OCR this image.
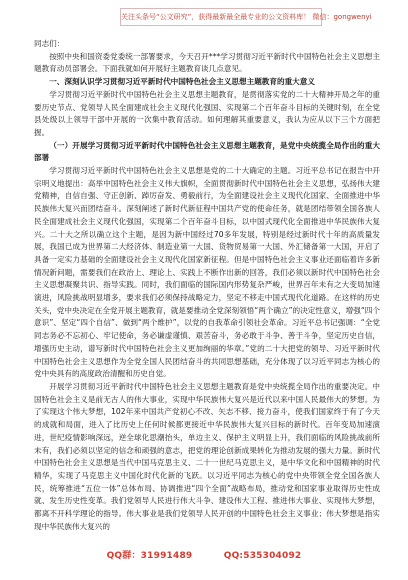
关注头条号“公文研究”，获得最新最全最专业的公文资料库！ 微信：gongwenyi

同志们：

按照中央和国资委党委统一部署要求，今天召开***学习贯彻习近平新时代中国特色社会主义思想主题教育动员部署会。下面我就如何开展好主题教育谈几点意见。

一、深刻认识学习贯彻习近平新时代中国特色社会主义思想主题教育的重大意义

学习贯彻习近平新时代中国特色社会主义思想主题教育，是贯彻落实党的二十大精神开局之年的重要历史节点、党领导人民全面建成社会主义现代化强国、实现第二个百年奋斗目标的关键时刻，在全党县处级以上领导干部中开展的一次集中教育活动。如何理解其重要意义，我认为应从以下三个方面把握。

（一）开展学习贯彻习近平新时代中国特色社会主义思想主题教育，是党中央统揽全局作出的重大部署

学习贯彻习近平新时代中国特色社会主义思想是党的二十大确定的主题。习近平总书记在报告中开宗明义地提出：高举中国特色社会主义伟大旗帜，全面贯彻新时代中国特色社会主义思想，弘扬伟大建党精神，自信自强、守正创新、踔厉奋发、勇毅前行，为全面建设社会主义现代化国家、全面推进中华民族伟大复兴而团结奋斗。深刻阐述了新时代新征程中国共产党的使命任务，就是团结带领全国各族人民全面建成社会主义现代化强国，实现第二个百年奋斗目标，以中国式现代化全面推进中华民族伟大复兴。二十大之所以确立这个主题，是因为新中国经过70多年发展，特别是经过新时代十年的高质量发展，我国已成为世界第二大经济体、制造业第一大国、货物贸易第一大国、外汇储备第一大国，开启了具备一定实力基础的全面建设社会主义现代化国家新征程。但是中国特色社会主义事业还面临着许多新情况新问题，需要我们在政治上、理论上、实践上不断作出新的回答，我们必须以新时代中国特色社会主义思想凝聚共识、指导实践。同时，我们面临的国际国内形势复杂严峻，世界百年未有之大变局加速演进，风险挑战明显增多，要求我们必须保持战略定力，坚定不移走中国式现代化道路。在这样的历史关头，党中央决定在全党开展主题教育，就是要推动全党深刻领悟“两个确立”的决定性意义，增强“四个意识”、坚定“四个自信”、做到“两个维护”，以党的自我革命引领社会革命。习近平总书记强调：“全党同志务必不忘初心、牢记使命，务必谦虚谨慎、艰苦奋斗，务必敢于斗争、善于斗争，坚定历史自信，增强历史主动，谱写新时代中国特色社会主义更加绚丽的华章。”党的二十大把党的领导、习近平新时代中国特色社会主义思想作为全党全国人民团结奋斗的共同思想基础，充分体现了以习近平同志为核心的党中央具有的高度政治清醒和历史自觉。

开展学习贯彻习近平新时代中国特色社会主义思想主题教育是党中央统揽全局作出的重要决定。中国特色社会主义是前无古人的伟大事业，实现中华民族伟大复兴是近代以来中国人民最伟大的梦想。为了实现这个伟大梦想，102年来中国共产党初心不改、矢志不移、接力奋斗，使我们国家终于有了今天的成就和局面，进入了比历史上任何时候都更接近中华民族伟大复兴目标的新时代。百年变局加速演进，世纪疫情影响深远，逆全球化思潮抬头，单边主义、保护主义明显上升，我们面临的风险挑战前所未有，我们必须以坚定的信念和顽强的意志，把党的理论创新成果转化为推动发展的强大力量。新时代中国特色社会主义思想是当代中国马克思主义、二十一世纪马克思主义，是中华文化和中国精神的时代精华，实现了马克思主义中国化时代化新的飞跃。以习近平同志为核心的党中央带领全党全国各族人民，统筹推进“五位一体”总体布局、协调推进“四个全面”战略布局，推动党和国家事业取得历史性成就、发生历史性变革。我们党领导人民进行伟大斗争、建设伟大工程、推进伟大事业、实现伟大梦想，都离不开科学理论的指导。伟大事业是我们党领导人民开创的中国特色社会主义事业；伟大梦想是指实现中华民族伟大复兴的

QQ群：31991489	QQ:535304092
